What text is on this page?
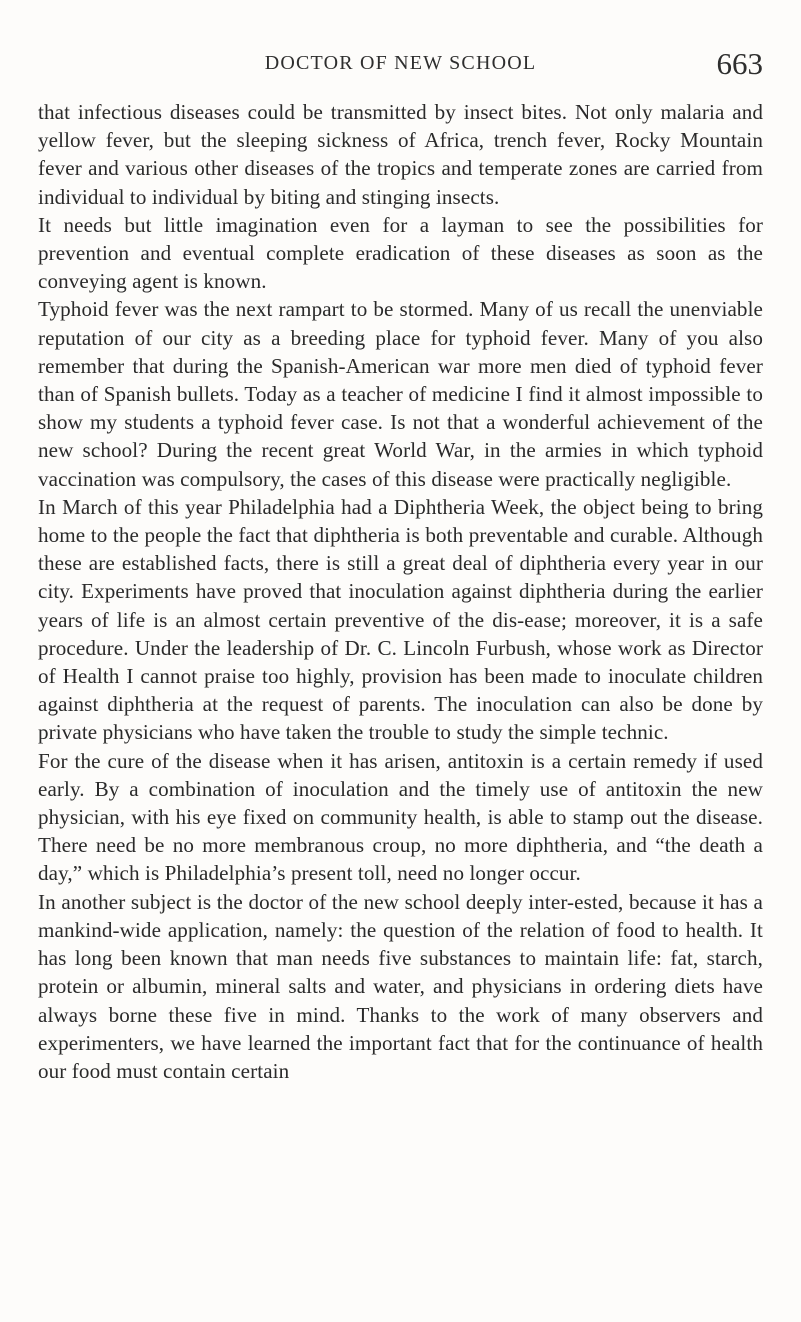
DOCTOR OF NEW SCHOOL	663

that infectious diseases could be transmitted by insect bites. Not only malaria and yellow fever, but the sleeping sickness of Africa, trench fever, Rocky Mountain fever and various other diseases of the tropics and temperate zones are carried from individual to individual by biting and stinging insects.

It needs but little imagination even for a layman to see the possibilities for prevention and eventual complete eradication of these diseases as soon as the conveying agent is known.

Typhoid fever was the next rampart to be stormed. Many of us recall the unenviable reputation of our city as a breeding place for typhoid fever. Many of you also remember that during the Spanish-American war more men died of typhoid fever than of Spanish bullets. Today as a teacher of medicine I find it almost impossible to show my students a typhoid fever case. Is not that a wonderful achievement of the new school? During the recent great World War, in the armies in which typhoid vaccination was compulsory, the cases of this disease were practically negligible.

In March of this year Philadelphia had a Diphtheria Week, the object being to bring home to the people the fact that diphtheria is both preventable and curable. Although these are established facts, there is still a great deal of diphtheria every year in our city. Experiments have proved that inoculation against diphtheria during the earlier years of life is an almost certain preventive of the dis-ease; moreover, it is a safe procedure. Under the leadership of Dr. C. Lincoln Furbush, whose work as Director of Health I cannot praise too highly, provision has been made to inoculate children against diphtheria at the request of parents. The inoculation can also be done by private physicians who have taken the trouble to study the simple technic.

For the cure of the disease when it has arisen, antitoxin is a certain remedy if used early. By a combination of inoculation and the timely use of antitoxin the new physician, with his eye fixed on community health, is able to stamp out the disease. There need be no more membranous croup, no more diphtheria, and “the death a day,” which is Philadelphia’s present toll, need no longer occur.

In another subject is the doctor of the new school deeply inter-ested, because it has a mankind-wide application, namely: the question of the relation of food to health. It has long been known that man needs five substances to maintain life: fat, starch, protein or albumin, mineral salts and water, and physicians in ordering diets have always borne these five in mind. Thanks to the work of many observers and experimenters, we have learned the important fact that for the continuance of health our food must contain certain
